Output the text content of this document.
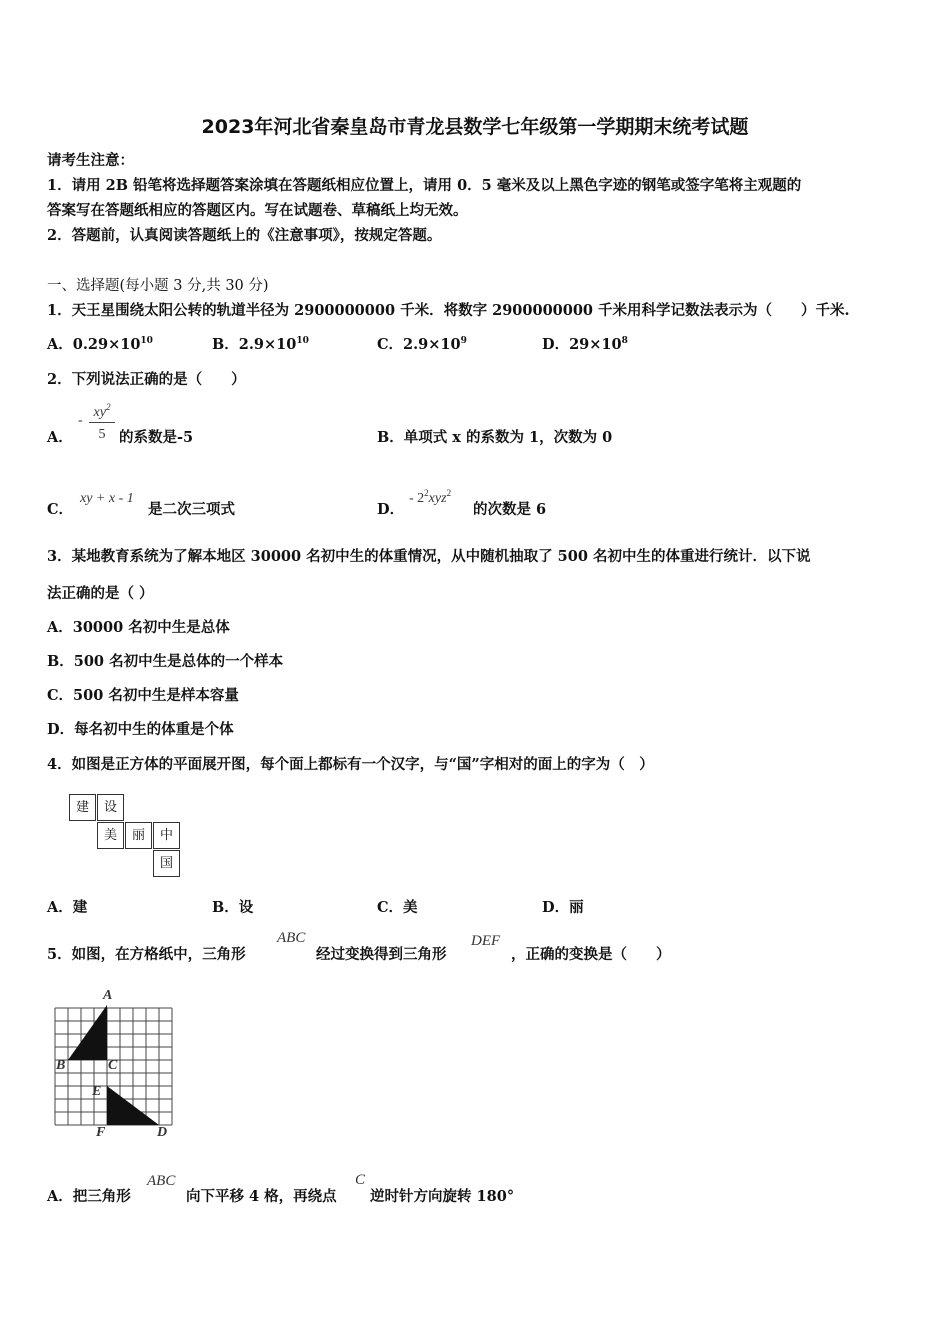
2023年河北省秦皇岛市青龙县数学七年级第一学期期末统考试题
请考生注意：
1．请用 2B 铅笔将选择题答案涂填在答题纸相应位置上，请用 0．5 毫米及以上黑色字迹的钢笔或签字笔将主观题的
答案写在答题纸相应的答题区内。写在试题卷、草稿纸上均无效。
2．答题前，认真阅读答题纸上的《注意事项》，按规定答题。
一、选择题(每小题 3 分,共 30 分)
1．天王星围绕太阳公转的轨道半径为 2900000000 千米．将数字 2900000000 千米用科学记数法表示为（　　）千米.
A．$0.29\times 10^{10}$	B．$2.9\times 10^{10}$	C．$2.9\times 10^9$	D．$29\times 10^8$
2．下列说法正确的是（　　）
A．
-
$xy^2$
5 的系数是-5	B．单项式 x 的系数为 1，次数为 0
C．
xy + x - 1
是二次三项式	D．
- $2^2xyz^2$
的次数是 6
3．某地教育系统为了解本地区 30000 名初中生的体重情况，从中随机抽取了 500 名初中生的体重进行统计．以下说
法正确的是（ ）
A．30000 名初中生是总体
B．500 名初中生是总体的一个样本
C．500 名初中生是样本容量
D．每名初中生的体重是个体
4．如图是正方体的平面展开图，每个面上都标有一个汉字，与“国”字相对的面上的字为（　）
建	设
美	丽	中
国
A．建	B．设	C．美	D．丽
5．如图，在方格纸中，三角形
ABC
经过变换得到三角形
DEF
，正确的变换是（　　）
A
B	C
E
F	D
A．把三角形
ABC
向下平移 4 格，再绕点
C
逆时针方向旋转 180°
